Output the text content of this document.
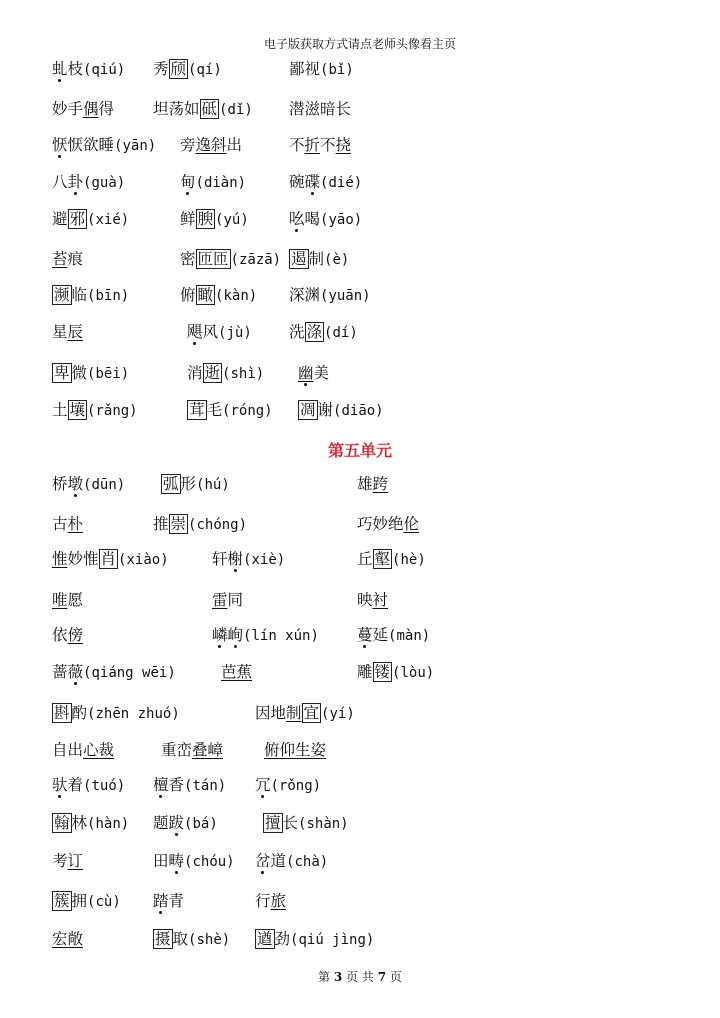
电子版获取方式请点老师头像看主页
虬枝(qiú) 秀 颀 (qí)	鄙视(bǐ)
妙手偶得	坦荡如 砥 (dǐ) 潜滋暗长
恹恹欲睡(yān) 旁逸斜出	不折不挠
八卦(guà)	甸(diàn)	碗碟(dié)
避 邪 (xié)	鲜 腴 (yú)	吆喝(yāo)
苔痕	密 匝匝 (zāzā) 遏 制(è)
濒 临(bīn)	俯 瞰 (kàn) 深渊(yuān)
星辰	飓风(jù) 洗 涤 (dí)
卑 微(bēi)	消 逝 (shì) 幽美
土 壤 (rǎng)	茸 毛(róng) 凋 谢(diāo)
第五单元
桥墩(dūn) 弧 形(hú)	雄跨
古朴	推 崇 (chóng)	巧妙绝伦
惟妙惟 肖 (xiào)	轩榭(xiè)	丘 壑 (hè)
唯愿	雷同	映衬
依傍	嶙峋(lín xún) 蔓延(màn)
蔷薇(qiáng wēi)	芭蕉	雕 镂 (lòu)
斟 酌(zhēn zhuó)	因地制 宜 (yí)
自出心裁	重峦叠嶂	俯仰生姿
驮着(tuó) 檀香(tán) 冗(rǒng)
翰 林(hàn) 题跋(bá)	擅 长(shàn)
考订	田畴(chóu) 岔道(chà)
簇 拥(cù) 踏青	行旅
宏敞	摄 取(shè) 遒 劲(qiú jìng)
第 3 页 共 7 页
